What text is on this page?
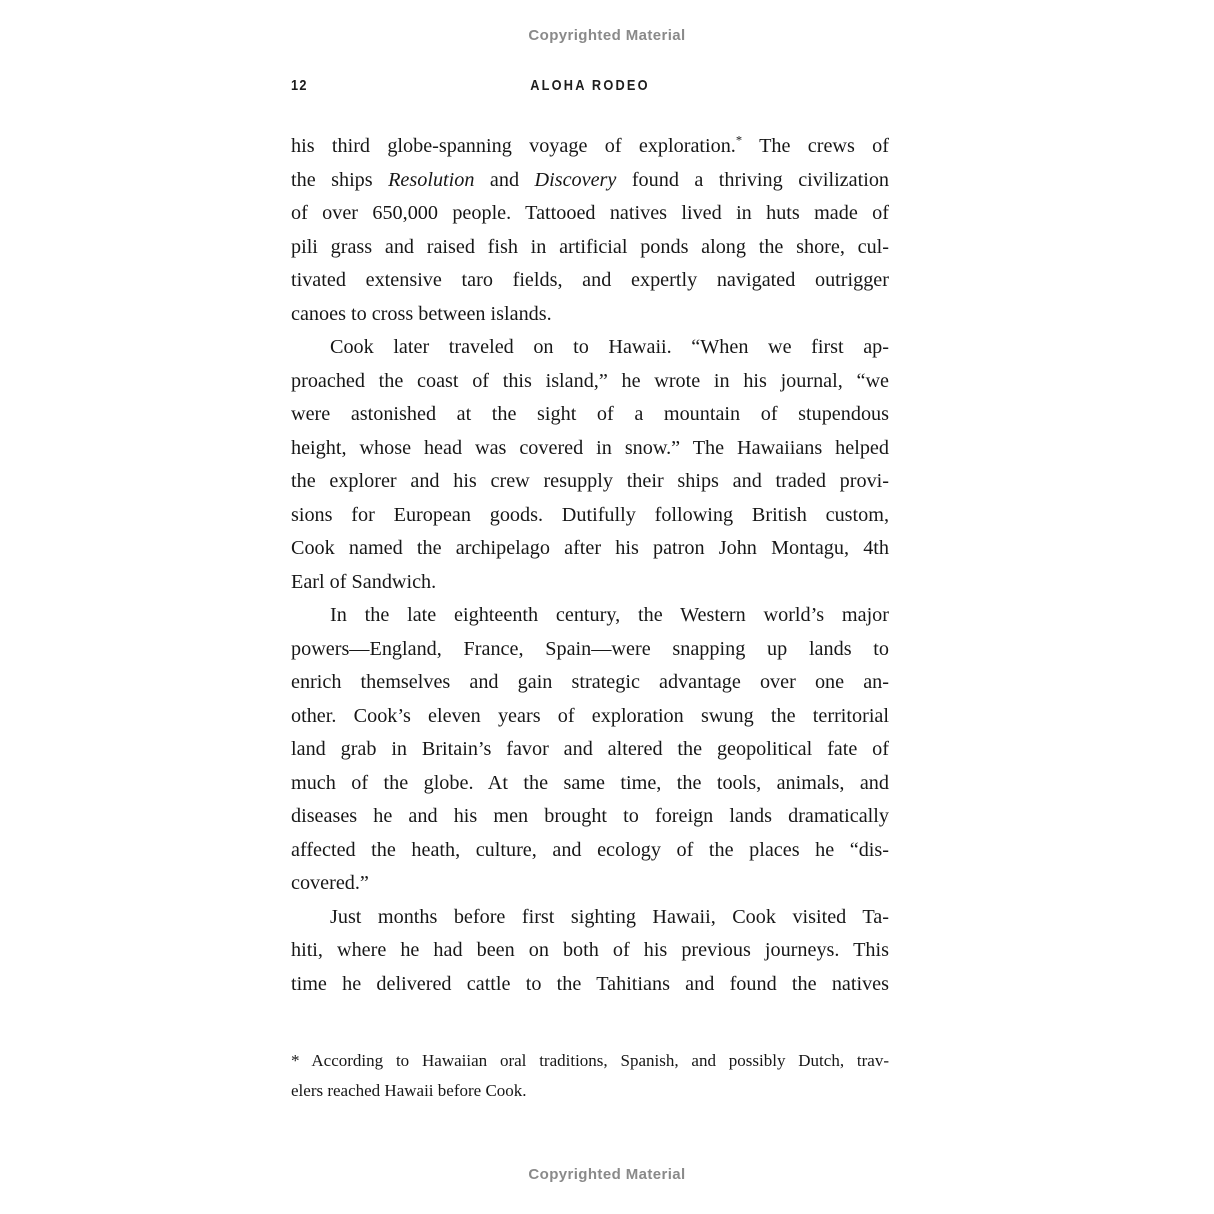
Copyrighted Material
12	ALOHA RODEO
his third globe-spanning voyage of exploration.* The crews of
the ships Resolution and Discovery found a thriving civilization
of over 650,000 people. Tattooed natives lived in huts made of
pili grass and raised fish in artificial ponds along the shore, cul-
tivated extensive taro fields, and expertly navigated outrigger
canoes to cross between islands.
Cook later traveled on to Hawaii. “When we first ap-
proached the coast of this island,” he wrote in his journal, “we
were astonished at the sight of a mountain of stupendous
height, whose head was covered in snow.” The Hawaiians helped
the explorer and his crew resupply their ships and traded provi-
sions for European goods. Dutifully following British custom,
Cook named the archipelago after his patron John Montagu, 4th
Earl of Sandwich.
In the late eighteenth century, the Western world’s major
powers—England, France, Spain—were snapping up lands to
enrich themselves and gain strategic advantage over one an-
other. Cook’s eleven years of exploration swung the territorial
land grab in Britain’s favor and altered the geopolitical fate of
much of the globe. At the same time, the tools, animals, and
diseases he and his men brought to foreign lands dramatically
affected the heath, culture, and ecology of the places he “dis-
covered.”
Just months before first sighting Hawaii, Cook visited Ta-
hiti, where he had been on both of his previous journeys. This
time he delivered cattle to the Tahitians and found the natives
* According to Hawaiian oral traditions, Spanish, and possibly Dutch, trav-
elers reached Hawaii before Cook.
Copyrighted Material
